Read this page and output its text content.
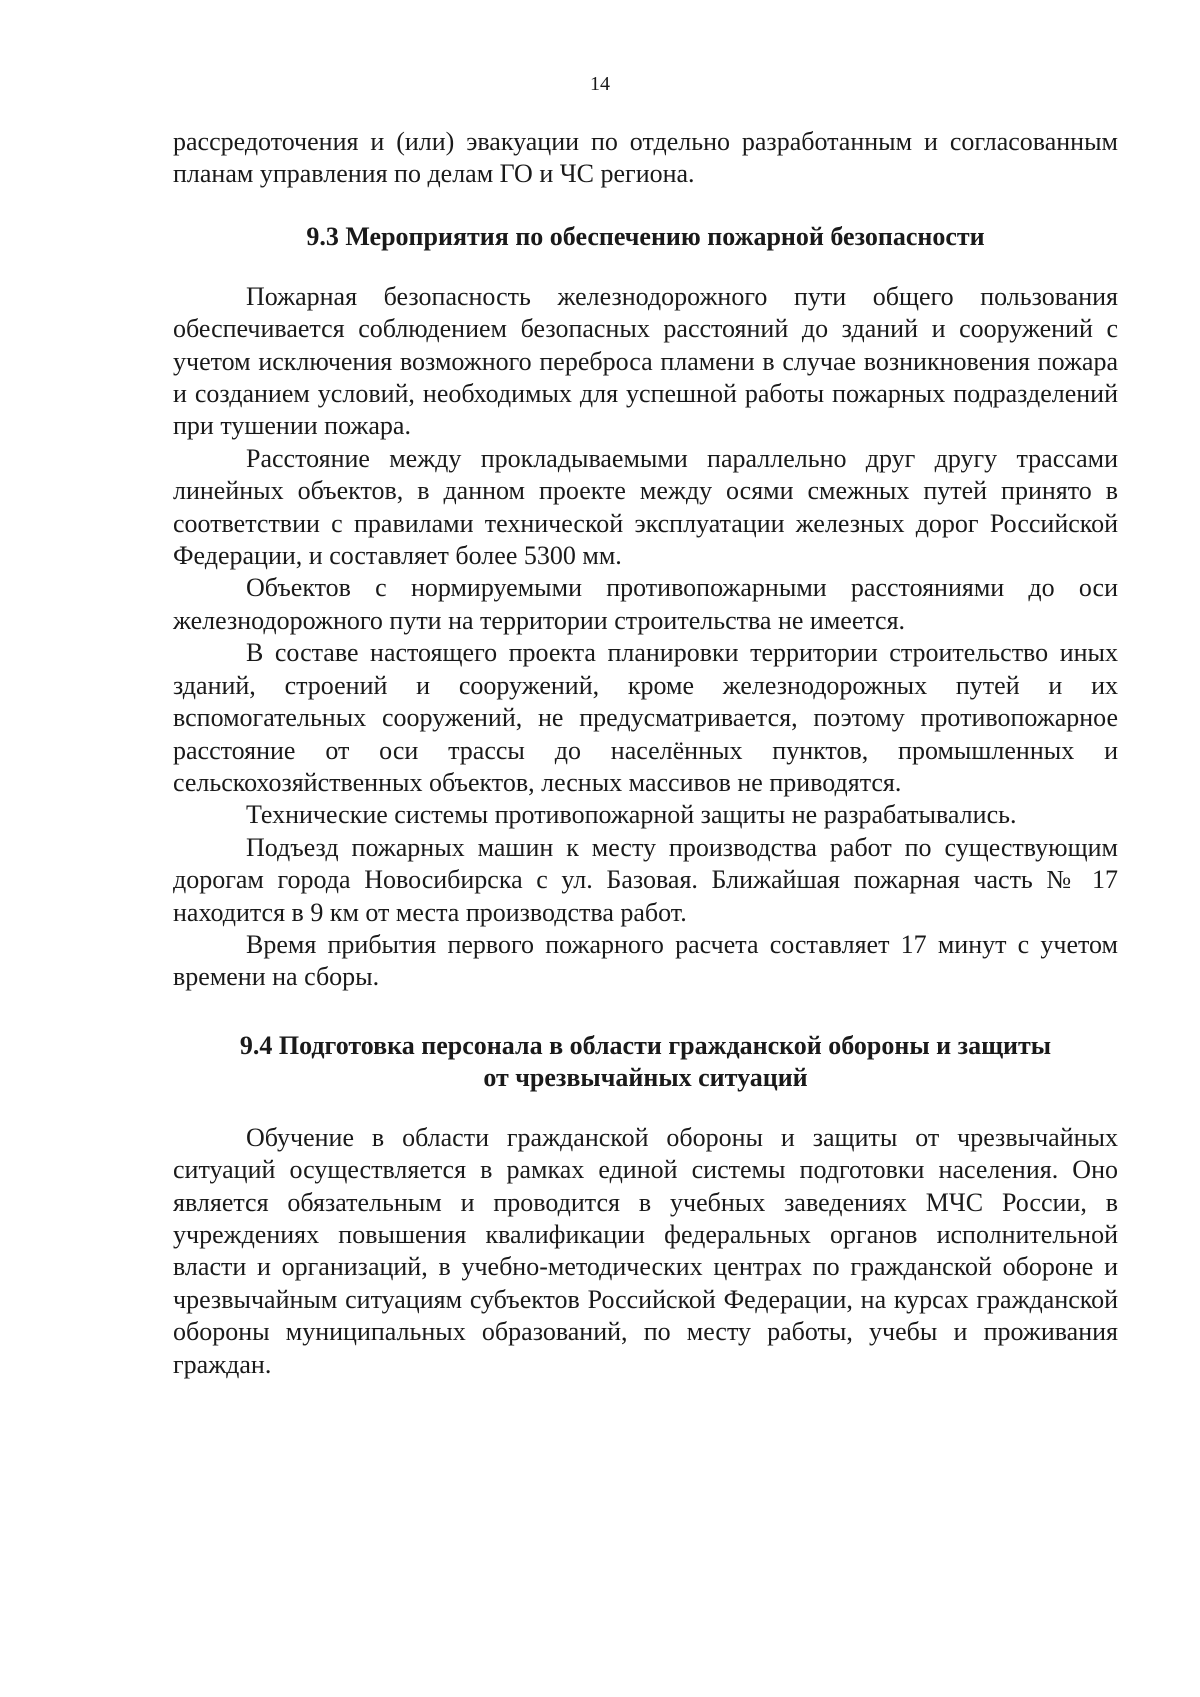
14

рассредоточения и (или) эвакуации по отдельно разработанным и согласованным планам управления по делам ГО и ЧС региона.

9.3 Мероприятия по обеспечению пожарной безопасности

Пожарная безопасность железнодорожного пути общего пользования обеспечивается соблюдением безопасных расстояний до зданий и сооружений с учетом исключения возможного переброса пламени в случае возникновения пожара и созданием условий, необходимых для успешной работы пожарных подразделений при тушении пожара.

Расстояние между прокладываемыми параллельно друг другу трассами линейных объектов, в данном проекте между осями смежных путей принято в соответствии с правилами технической эксплуатации железных дорог Российской Федерации, и составляет более 5300 мм.

Объектов с нормируемыми противопожарными расстояниями до оси железнодорожного пути на территории строительства не имеется.

В составе настоящего проекта планировки территории строительство иных зданий, строений и сооружений, кроме железнодорожных путей и их вспомогательных сооружений, не предусматривается, поэтому противопожарное расстояние от оси трассы до населённых пунктов, промышленных и сельскохозяйственных объектов, лесных массивов не приводятся.

Технические системы противопожарной защиты не разрабатывались.

Подъезд пожарных машин к месту производства работ по существующим дорогам города Новосибирска с ул. Базовая. Ближайшая пожарная часть № 17 находится в 9 км от места производства работ.

Время прибытия первого пожарного расчета составляет 17 минут с учетом времени на сборы.

9.4 Подготовка персонала в области гражданской обороны и защиты
от чрезвычайных ситуаций

Обучение в области гражданской обороны и защиты от чрезвычайных ситуаций осуществляется в рамках единой системы подготовки населения. Оно является обязательным и проводится в учебных заведениях МЧС России, в учреждениях повышения квалификации федеральных органов исполнительной власти и организаций, в учебно-методических центрах по гражданской обороне и чрезвычайным ситуациям субъектов Российской Федерации, на курсах гражданской обороны муниципальных образований, по месту работы, учебы и проживания граждан.
